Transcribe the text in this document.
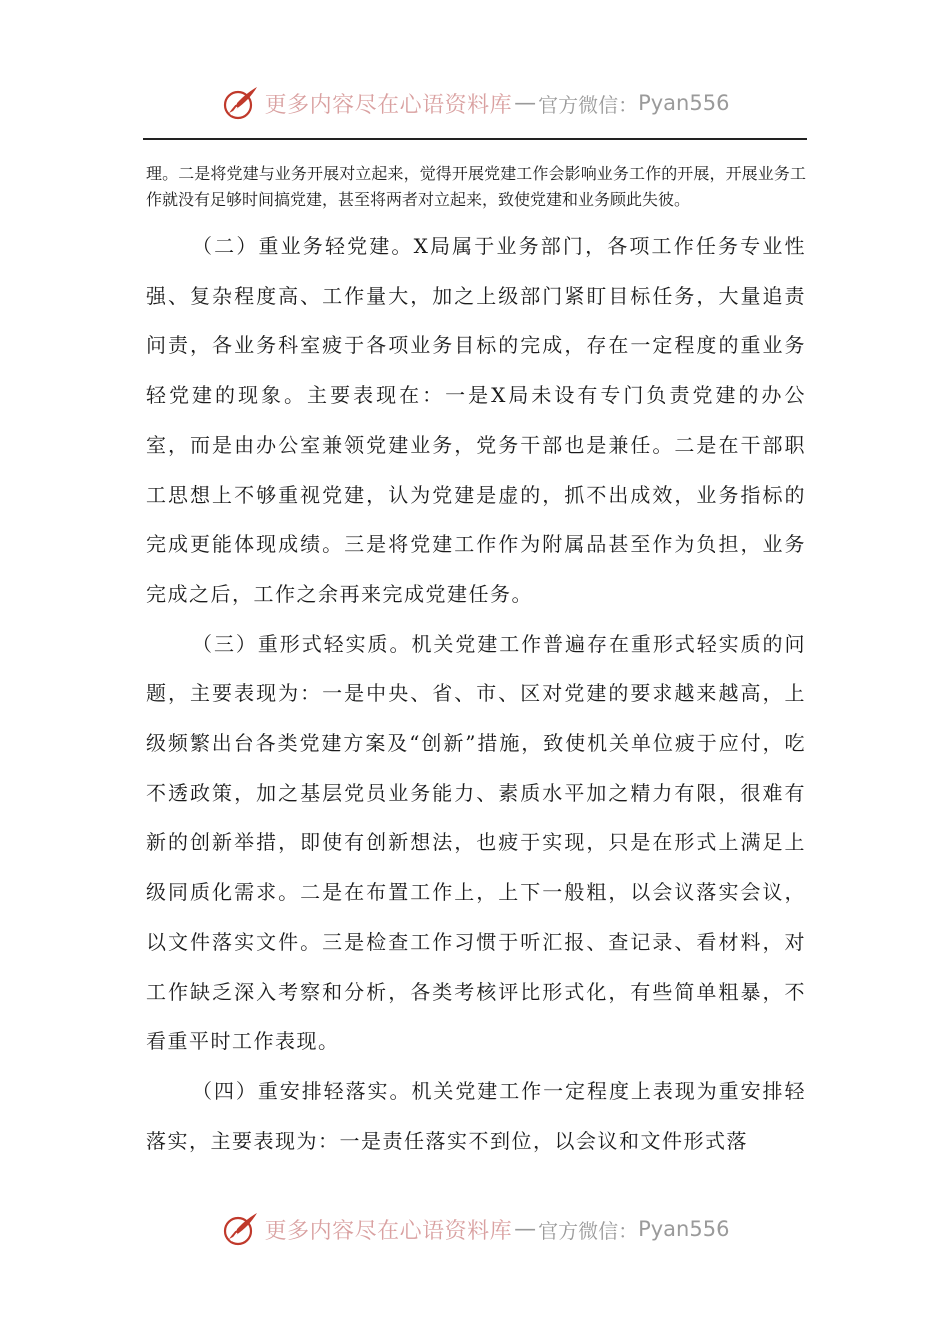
更多内容尽在心语资料库 — 官方微信： Pyan556

理。二是将党建与业务开展对立起来，觉得开展党建工作会影响业务工作的开展，开展业务工作就没有足够时间搞党建，甚至将两者对立起来，致使党建和业务顾此失彼。

（二）重业务轻党建。X局属于业务部门，各项工作任务专业性强、复杂程度高、工作量大，加之上级部门紧盯目标任务，大量追责问责，各业务科室疲于各项业务目标的完成，存在一定程度的重业务轻党建的现象。主要表现在：一是X局未设有专门负责党建的办公室，而是由办公室兼领党建业务，党务干部也是兼任。二是在干部职工思想上不够重视党建，认为党建是虚的，抓不出成效，业务指标的完成更能体现成绩。三是将党建工作作为附属品甚至作为负担，业务完成之后，工作之余再来完成党建任务。

（三）重形式轻实质。机关党建工作普遍存在重形式轻实质的问题，主要表现为：一是中央、省、市、区对党建的要求越来越高，上级频繁出台各类党建方案及“创新”措施，致使机关单位疲于应付，吃不透政策，加之基层党员业务能力、素质水平加之精力有限，很难有新的创新举措，即使有创新想法，也疲于实现，只是在形式上满足上级同质化需求。二是在布置工作上，上下一般粗，以会议落实会议，以文件落实文件。三是检查工作习惯于听汇报、查记录、看材料，对工作缺乏深入考察和分析，各类考核评比形式化，有些简单粗暴，不看重平时工作表现。

（四）重安排轻落实。机关党建工作一定程度上表现为重安排轻落实，主要表现为：一是责任落实不到位，以会议和文件形式落

更多内容尽在心语资料库 — 官方微信： Pyan556
